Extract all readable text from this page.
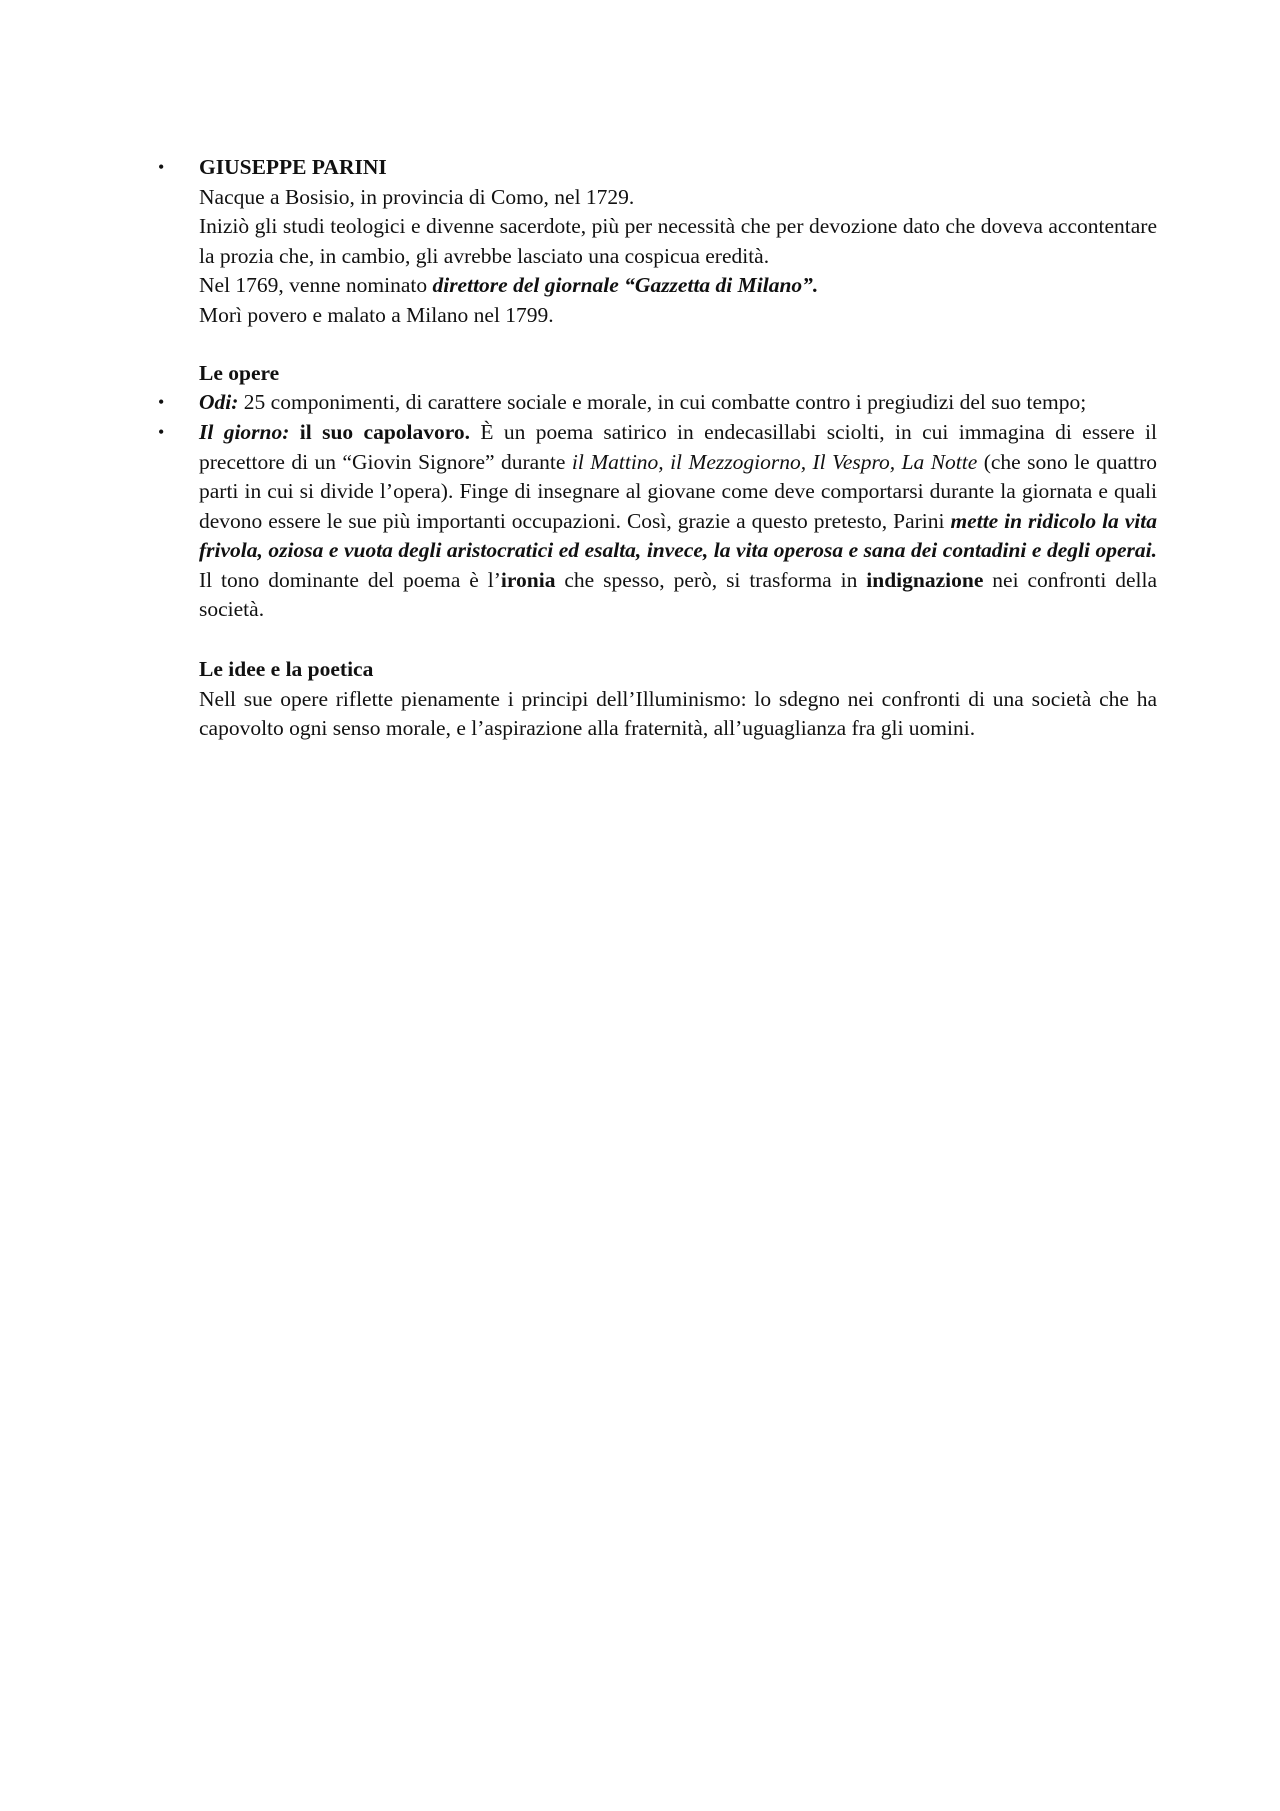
• GIUSEPPE PARINI

Nacque a Bosisio, in provincia di Como, nel 1729.

Iniziò gli studi teologici e divenne sacerdote, più per necessità che per devozione dato che doveva accontentare la prozia che, in cambio, gli avrebbe lasciato una cospicua eredità.

Nel 1769, venne nominato direttore del giornale “Gazzetta di Milano”.

Morì povero e malato a Milano nel 1799.

Le opere

• Odi: 25 componimenti, di carattere sociale e morale, in cui combatte contro i pregiudizi del suo tempo;

• Il giorno: il suo capolavoro. È un poema satirico in endecasillabi sciolti, in cui immagina di essere il precettore di un “Giovin Signore” durante il Mattino, il Mezzogiorno, Il Vespro, La Notte (che sono le quattro parti in cui si divide l’opera). Finge di insegnare al giovane come deve comportarsi durante la giornata e quali devono essere le sue più importanti occupazioni. Così, grazie a questo pretesto, Parini mette in ridicolo la vita frivola, oziosa e vuota degli aristocratici ed esalta, invece, la vita operosa e sana dei contadini e degli operai. Il tono dominante del poema è l’ironia che spesso, però, si trasforma in indignazione nei confronti della società.

Le idee e la poetica

Nell sue opere riflette pienamente i principi dell’Illuminismo: lo sdegno nei confronti di una società che ha capovolto ogni senso morale, e l’aspirazione alla fraternità, all’uguaglianza fra gli uomini.
